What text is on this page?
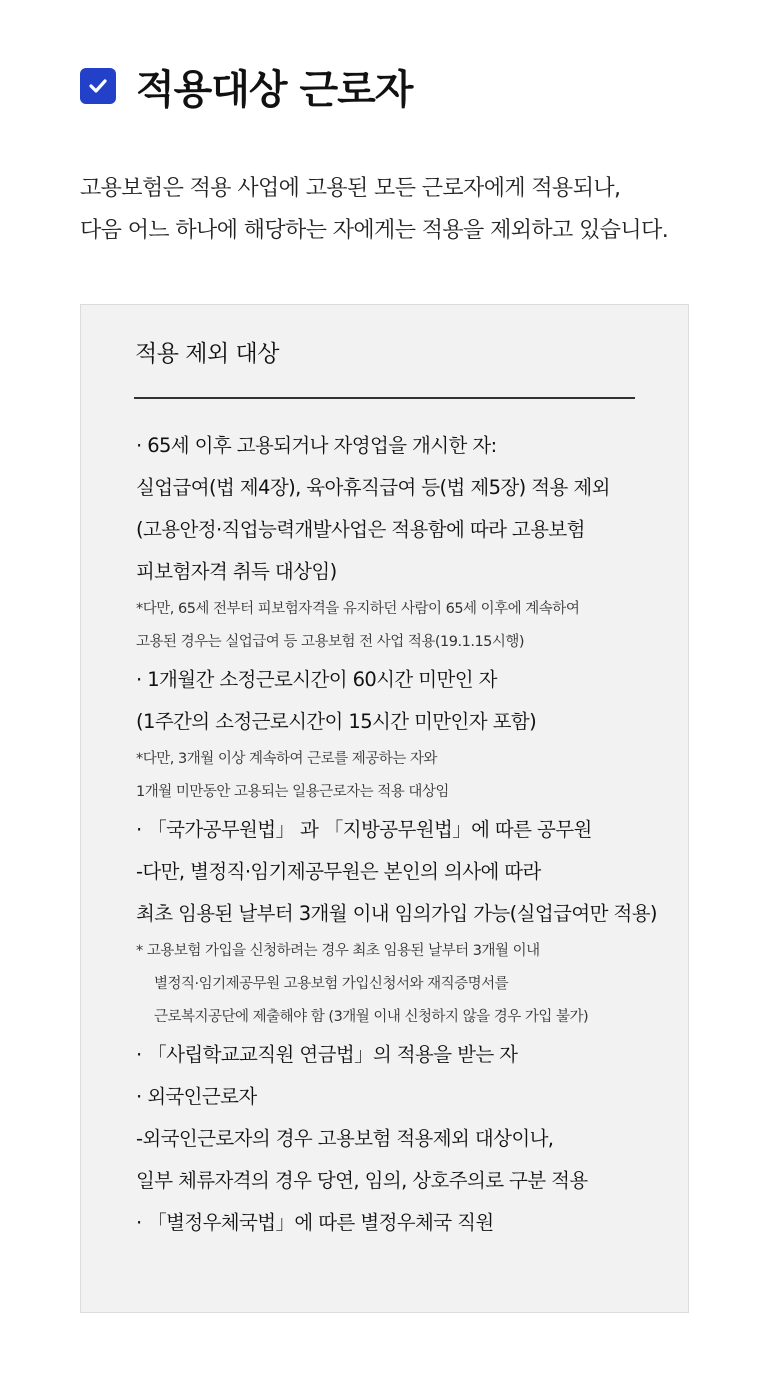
적용대상 근로자

고용보험은 적용 사업에 고용된 모든 근로자에게 적용되나,

다음 어느 하나에 해당하는 자에게는 적용을 제외하고 있습니다.

적용 제외 대상

· 65세 이후 고용되거나 자영업을 개시한 자:

실업급여(법 제4장), 육아휴직급여 등(법 제5장) 적용 제외

(고용안정·직업능력개발사업은 적용함에 따라 고용보험

피보험자격 취득 대상임)

*다만, 65세 전부터 피보험자격을 유지하던 사람이 65세 이후에 계속하여

고용된 경우는 실업급여 등 고용보험 전 사업 적용(19.1.15시행)

· 1개월간 소정근로시간이 60시간 미만인 자

(1주간의 소정근로시간이 15시간 미만인자 포함)

*다만, 3개월 이상 계속하여 근로를 제공하는 자와

1개월 미만동안 고용되는 일용근로자는 적용 대상임

· 「국가공무원법」 과 「지방공무원법」에 따른 공무원

-다만, 별정직·임기제공무원은 본인의 의사에 따라

최초 임용된 날부터 3개월 이내 임의가입 가능(실업급여만 적용)

* 고용보험 가입을 신청하려는 경우 최초 임용된 날부터 3개월 이내

별정직·임기제공무원 고용보험 가입신청서와 재직증명서를

근로복지공단에 제출해야 함 (3개월 이내 신청하지 않을 경우 가입 불가)

· 「사립학교교직원 연금법」의 적용을 받는 자

· 외국인근로자

-외국인근로자의 경우 고용보험 적용제외 대상이나,

일부 체류자격의 경우 당연, 임의, 상호주의로 구분 적용

· 「별정우체국법」에 따른 별정우체국 직원
